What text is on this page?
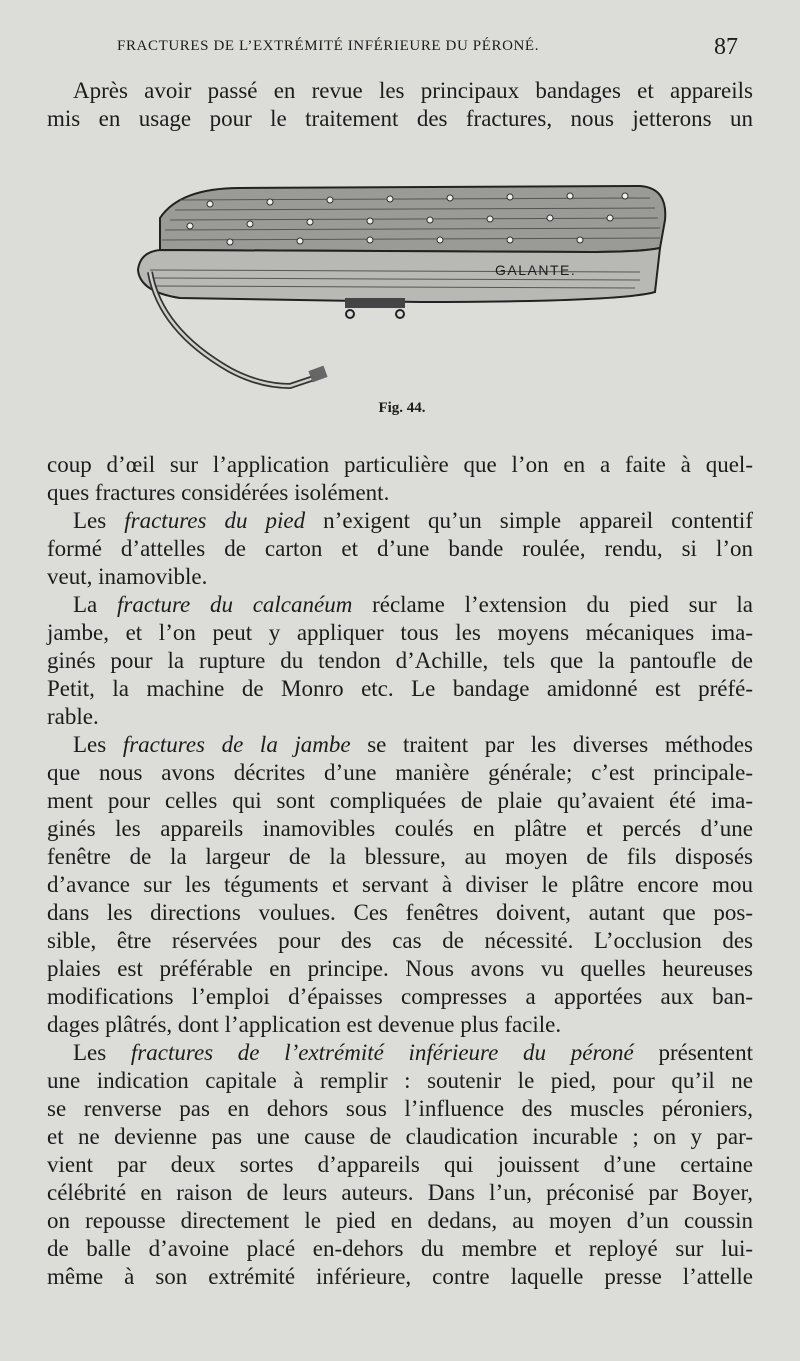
FRACTURES DE L’EXTRÉMITÉ INFÉRIEURE DU PÉRONÉ.	87
Après avoir passé en revue les principaux bandages et appareils
mis en usage pour le traitement des fractures, nous jetterons un
GALANTE.
Fig. 44.
coup d’œil sur l’application particulière que l’on en a faite à quel-
ques fractures considérées isolément.
Les fractures du pied n’exigent qu’un simple appareil contentif
formé d’attelles de carton et d’une bande roulée, rendu, si l’on
veut, inamovible.
La fracture du calcanéum réclame l’extension du pied sur la
jambe, et l’on peut y appliquer tous les moyens mécaniques ima-
ginés pour la rupture du tendon d’Achille, tels que la pantoufle de
Petit, la machine de Monro etc. Le bandage amidonné est préfé-
rable.
Les fractures de la jambe se traitent par les diverses méthodes
que nous avons décrites d’une manière générale; c’est principale-
ment pour celles qui sont compliquées de plaie qu’avaient été ima-
ginés les appareils inamovibles coulés en plâtre et percés d’une
fenêtre de la largeur de la blessure, au moyen de fils disposés
d’avance sur les téguments et servant à diviser le plâtre encore mou
dans les directions voulues. Ces fenêtres doivent, autant que pos-
sible, être réservées pour des cas de nécessité. L’occlusion des
plaies est préférable en principe. Nous avons vu quelles heureuses
modifications l’emploi d’épaisses compresses a apportées aux ban-
dages plâtrés, dont l’application est devenue plus facile.
Les fractures de l’extrémité inférieure du péroné présentent
une indication capitale à remplir : soutenir le pied, pour qu’il ne
se renverse pas en dehors sous l’influence des muscles péroniers,
et ne devienne pas une cause de claudication incurable ; on y par-
vient par deux sortes d’appareils qui jouissent d’une certaine
célébrité en raison de leurs auteurs. Dans l’un, préconisé par Boyer,
on repousse directement le pied en dedans, au moyen d’un coussin
de balle d’avoine placé en-dehors du membre et reployé sur lui-
même à son extrémité inférieure, contre laquelle presse l’attelle
